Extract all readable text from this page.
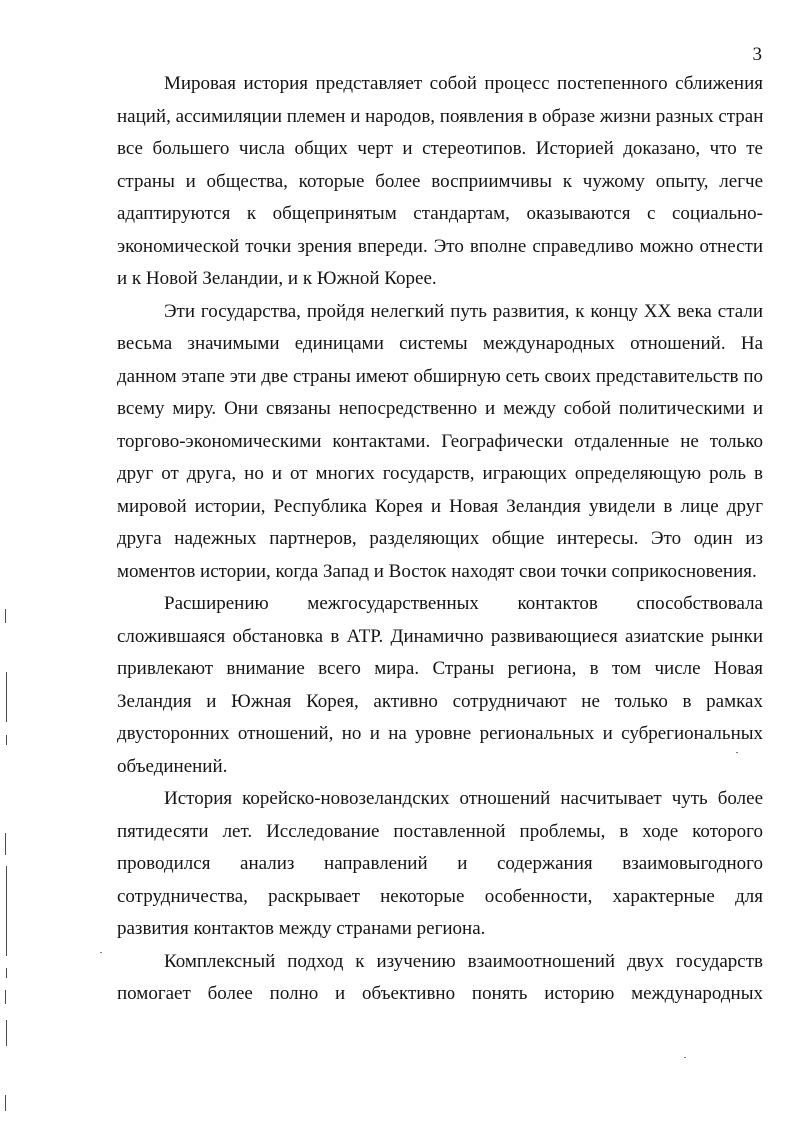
3

Мировая история представляет собой процесс постепенного сближения
наций, ассимиляции племен и народов, появления в образе жизни разных стран
все большего числа общих черт и стереотипов. Историей доказано, что те
страны и общества, которые более восприимчивы к чужому опыту, легче
адаптируются к общепринятым стандартам, оказываются с социально-
экономической точки зрения впереди. Это вполне справедливо можно отнести
и к Новой Зеландии, и к Южной Корее.

Эти государства, пройдя нелегкий путь развития, к концу XX века стали
весьма значимыми единицами системы международных отношений. На
данном этапе эти две страны имеют обширную сеть своих представительств по
всему миру. Они связаны непосредственно и между собой политическими и
торгово-экономическими контактами. Географически отдаленные не только
друг от друга, но и от многих государств, играющих определяющую роль в
мировой истории, Республика Корея и Новая Зеландия увидели в лице друг
друга надежных партнеров, разделяющих общие интересы. Это один из
моментов истории, когда Запад и Восток находят свои точки соприкосновения.

Расширению межгосударственных контактов способствовала
сложившаяся обстановка в АТР. Динамично развивающиеся азиатские рынки
привлекают внимание всего мира. Страны региона, в том числе Новая
Зеландия и Южная Корея, активно сотрудничают не только в рамках
двусторонних отношений, но и на уровне региональных и субрегиональных
объединений.

История корейско-новозеландских отношений насчитывает чуть более
пятидесяти лет. Исследование поставленной проблемы, в ходе которого
проводился анализ направлений и содержания взаимовыгодного
сотрудничества, раскрывает некоторые особенности, характерные для
развития контактов между странами региона.

Комплексный подход к изучению взаимоотношений двух государств
помогает более полно и объективно понять историю международных
